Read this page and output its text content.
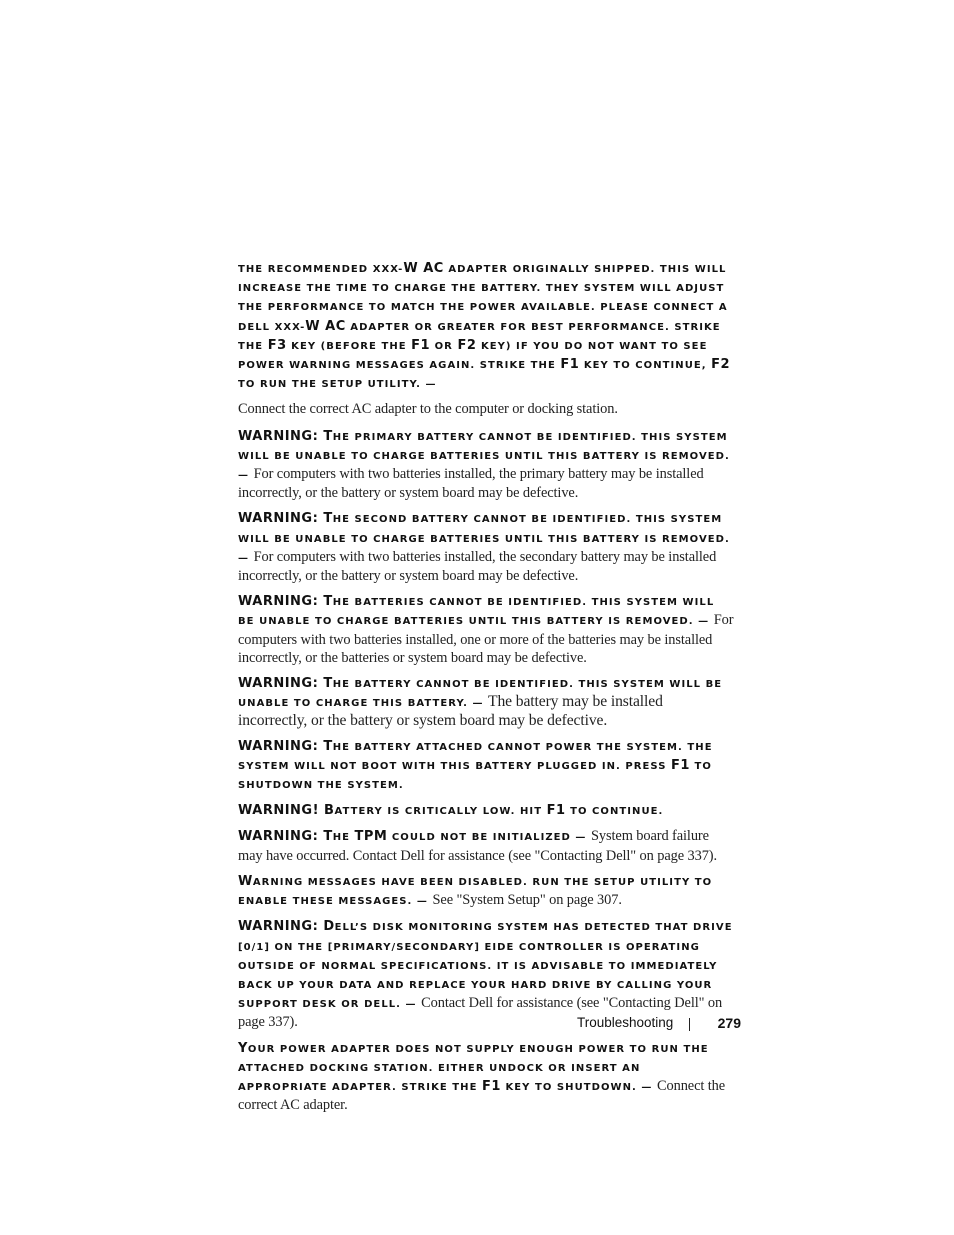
THE RECOMMENDED XXX-W AC ADAPTER ORIGINALLY SHIPPED. THIS WILL INCREASE THE TIME TO CHARGE THE BATTERY. THEY SYSTEM WILL ADJUST THE PERFORMANCE TO MATCH THE POWER AVAILABLE. PLEASE CONNECT A DELL XXX-W AC ADAPTER OR GREATER FOR BEST PERFORMANCE. STRIKE THE F3 KEY (BEFORE THE F1 OR F2 KEY) IF YOU DO NOT WANT TO SEE POWER WARNING MESSAGES AGAIN. STRIKE THE F1 KEY TO CONTINUE, F2 TO RUN THE SETUP UTILITY. —
Connect the correct AC adapter to the computer or docking station.
WARNING: THE PRIMARY BATTERY CANNOT BE IDENTIFIED. THIS SYSTEM WILL BE UNABLE TO CHARGE BATTERIES UNTIL THIS BATTERY IS REMOVED. — For computers with two batteries installed, the primary battery may be installed incorrectly, or the battery or system board may be defective.
WARNING: THE SECOND BATTERY CANNOT BE IDENTIFIED. THIS SYSTEM WILL BE UNABLE TO CHARGE BATTERIES UNTIL THIS BATTERY IS REMOVED. — For computers with two batteries installed, the secondary battery may be installed incorrectly, or the battery or system board may be defective.
WARNING: THE BATTERIES CANNOT BE IDENTIFIED. THIS SYSTEM WILL BE UNABLE TO CHARGE BATTERIES UNTIL THIS BATTERY IS REMOVED. — For computers with two batteries installed, one or more of the batteries may be installed incorrectly, or the batteries or system board may be defective.
WARNING: THE BATTERY CANNOT BE IDENTIFIED. THIS SYSTEM WILL BE UNABLE TO CHARGE THIS BATTERY. — The battery may be installed incorrectly, or the battery or system board may be defective.
WARNING: THE BATTERY ATTACHED CANNOT POWER THE SYSTEM. THE SYSTEM WILL NOT BOOT WITH THIS BATTERY PLUGGED IN. PRESS F1 TO SHUTDOWN THE SYSTEM.
WARNING! BATTERY IS CRITICALLY LOW. HIT F1 TO CONTINUE.
WARNING: THE TPM COULD NOT BE INITIALIZED — System board failure may have occurred. Contact Dell for assistance (see "Contacting Dell" on page 337).
WARNING MESSAGES HAVE BEEN DISABLED. RUN THE SETUP UTILITY TO ENABLE THESE MESSAGES. — See "System Setup" on page 307.
WARNING: DELL’S DISK MONITORING SYSTEM HAS DETECTED THAT DRIVE [0/1] ON THE [PRIMARY/SECONDARY] EIDE CONTROLLER IS OPERATING OUTSIDE OF NORMAL SPECIFICATIONS. IT IS ADVISABLE TO IMMEDIATELY BACK UP YOUR DATA AND REPLACE YOUR HARD DRIVE BY CALLING YOUR SUPPORT DESK OR DELL. — Contact Dell for assistance (see "Contacting Dell" on page 337).
YOUR POWER ADAPTER DOES NOT SUPPLY ENOUGH POWER TO RUN THE ATTACHED DOCKING STATION. EITHER UNDOCK OR INSERT AN APPROPRIATE ADAPTER. STRIKE THE F1 KEY TO SHUTDOWN. — Connect the correct AC adapter.
Troubleshooting	279
